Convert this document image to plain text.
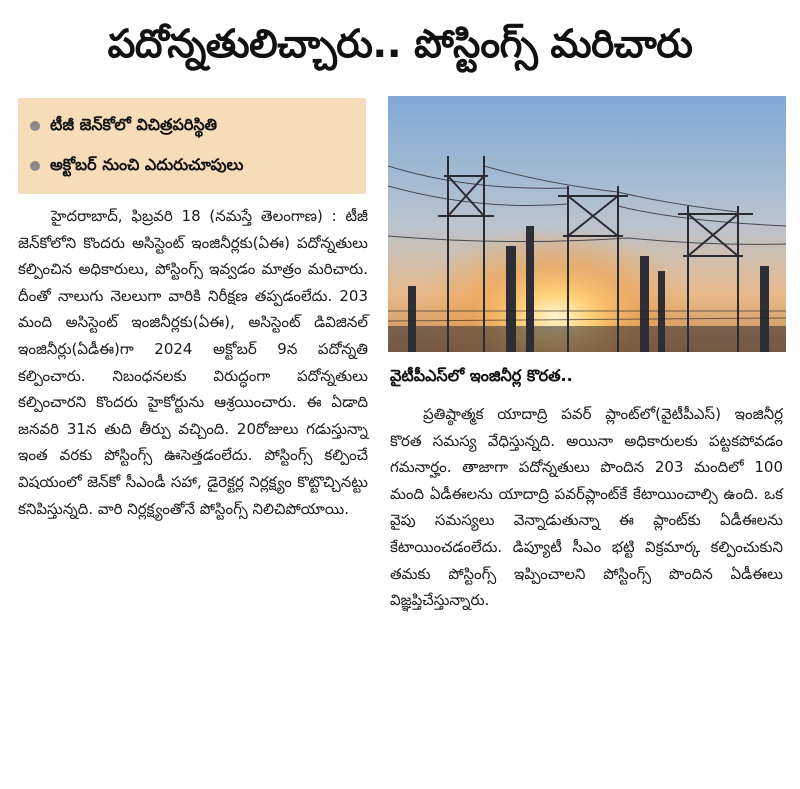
పదోన్నతులిచ్చారు.. పోస్టింగ్స్ మరిచారు
టీజీ జెన్‌కోలో విచిత్రపరిస్థితి
అక్టోబర్ నుంచి ఎదురుచూపులు

హైదరాబాద్, ఫిబ్రవరి 18 (నమస్తే తెలంగాణ) : టీజీ జెన్‌కోలోని కొందరు అసిస్టెంట్ ఇంజినీర్లకు(ఏఈ) పదోన్నతులు కల్పించిన అధికారులు, పోస్టింగ్స్ ఇవ్వడం మాత్రం మరిచారు. దీంతో నాలుగు నెలలుగా వారికి నిరీక్షణ తప్పడంలేదు. 203 మంది అసిస్టెంట్ ఇంజినీర్లకు(ఏఈ), అసిస్టెంట్ డివిజినల్ ఇంజినీర్లు(ఏడీఈ)గా 2024 అక్టోబర్ 9న పదోన్నతి కల్పించారు. నిబంధనలకు విరుద్ధంగా పదోన్నతులు కల్పించారని కొందరు హైకోర్టును ఆశ్రయించారు. ఈ ఏడాది జనవరి 31న తుది తీర్పు వచ్చింది. 20రోజులు గడుస్తున్నా ఇంత వరకు పోస్టింగ్స్ ఊసెత్తడంలేదు. పోస్టింగ్స్ కల్పించే విషయంలో జెన్‌కో సీఎండీ సహా, డైరెక్టర్ల నిర్లక్ష్యం కొట్టొచ్చినట్టు కనిపిస్తున్నది. వారి నిర్లక్ష్యంతోనే పోస్టింగ్స్ నిలిచిపోయాయి.

వైటీపీఎస్‌లో ఇంజినీర్ల కొరత..

ప్రతిష్ఠాత్మక యాదాద్రి పవర్ ప్లాంట్‌లో(వైటీపీఎస్) ఇంజినీర్ల కొరత సమస్య వేధిస్తున్నది. అయినా అధికారులకు పట్టకపోవడం గమనార్హం. తాజాగా పదోన్నతులు పొందిన 203 మందిలో 100 మంది ఏడీఈలను యాదాద్రి పవర్‌ప్లాంట్‌కే కేటాయించాల్సి ఉంది. ఒక వైపు సమస్యలు వెన్నాడుతున్నా ఈ ప్లాంట్‌కు ఏడీఈలను కేటాయించడంలేదు. డిప్యూటీ సీఎం భట్టి విక్రమార్క కల్పించుకుని తమకు పోస్టింగ్స్ ఇప్పించాలని పోస్టింగ్స్ పొందిన ఏడీఈలు విజ్ఞప్తిచేస్తున్నారు.
